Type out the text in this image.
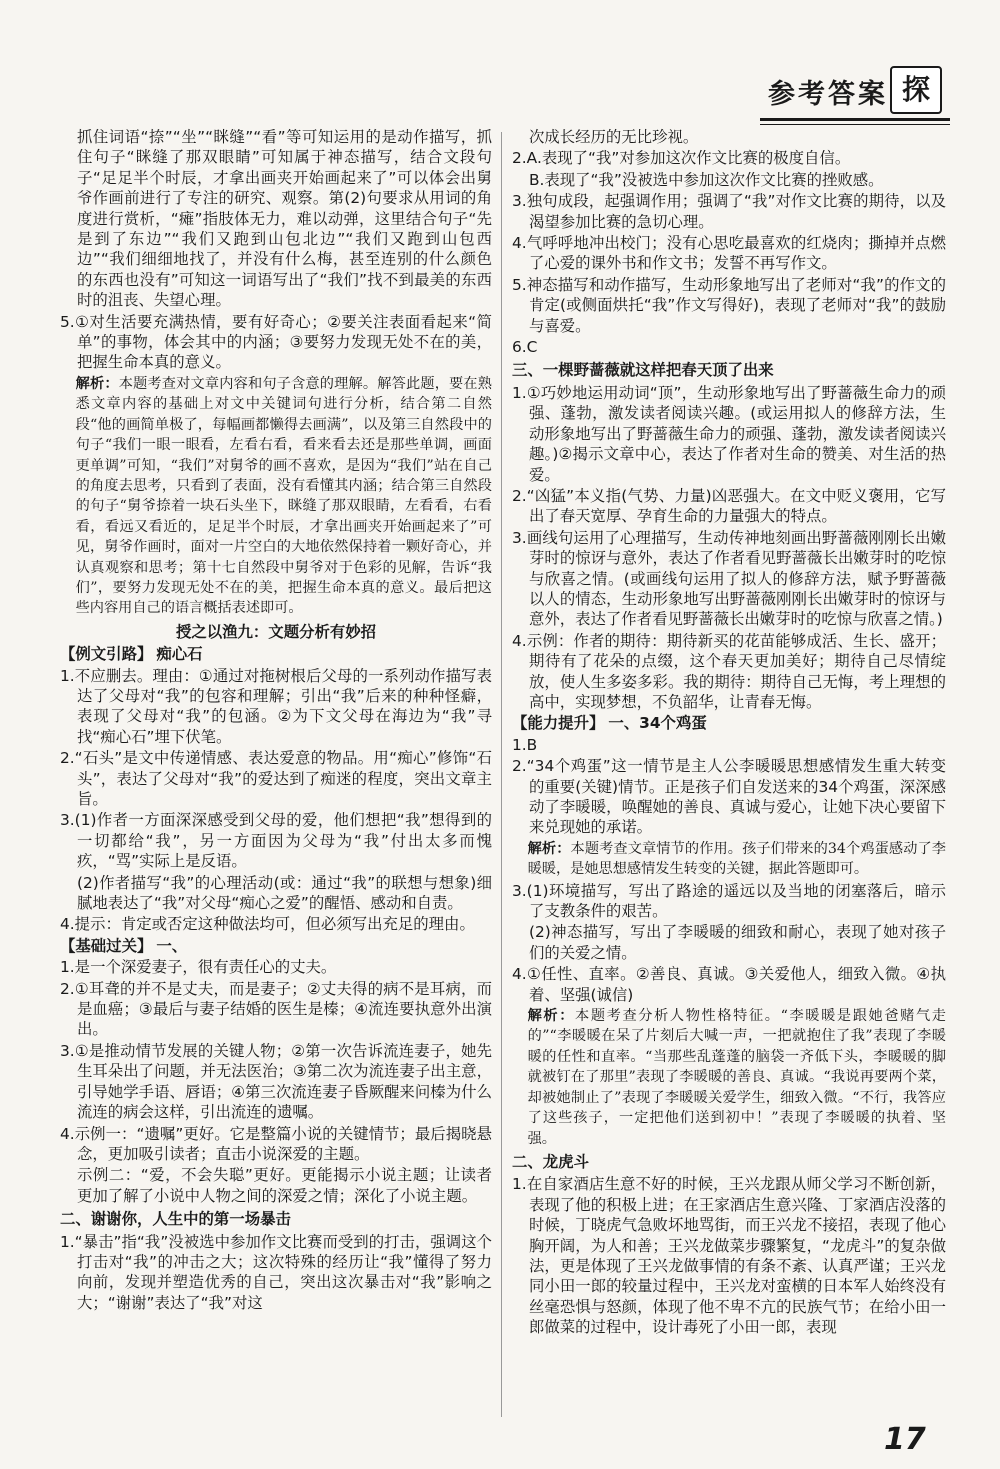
参考答案 探

抓住词语“捺”“坐”“眯缝”“看”等可知运用的是动作描写，抓住句子“眯缝了那双眼睛”可知属于神态描写，结合文段句子“足足半个时辰，才拿出画夹开始画起来了”可以体会出舅爷作画前进行了专注的研究、观察。第(2)句要求从用词的角度进行赏析，“瘫”指肢体无力，难以动弹，这里结合句子“先是到了东边”“我们又跑到山包北边”“我们又跑到山包西边”“我们细细地找了，并没有什么梅，甚至连别的什么颜色的东西也没有”可知这一词语写出了“我们”找不到最美的东西时的沮丧、失望心理。

5.①对生活要充满热情，要有好奇心；②要关注表面看起来“简单”的事物，体会其中的内涵；③要努力发现无处不在的美，把握生命本真的意义。

解析：本题考查对文章内容和句子含意的理解。解答此题，要在熟悉文章内容的基础上对文中关键词句进行分析，结合第二自然段“他的画简单极了，每幅画都懒得去画满”，以及第三自然段中的句子“我们一眼一眼看，左看右看，看来看去还是那些单调，画面更单调”可知，“我们”对舅爷的画不喜欢，是因为“我们”站在自己的角度去思考，只看到了表面，没有看懂其内涵；结合第三自然段的句子“舅爷捺着一块石头坐下，眯缝了那双眼睛，左看看，右看看，看远又看近的，足足半个时辰，才拿出画夹开始画起来了”可见，舅爷作画时，面对一片空白的大地依然保持着一颗好奇心，并认真观察和思考；第十七自然段中舅爷对于色彩的见解，告诉“我们”，要努力发现无处不在的美，把握生命本真的意义。最后把这些内容用自己的语言概括表述即可。

授之以渔九：文题分析有妙招

【例文引路】 痴心石

1.不应删去。理由：①通过对拖树根后父母的一系列动作描写表达了父母对“我”的包容和理解；引出“我”后来的种种怪癖，表现了父母对“我”的包涵。②为下文父母在海边为“我”寻找“痴心石”埋下伏笔。

2.“石头”是文中传递情感、表达爱意的物品。用“痴心”修饰“石头”，表达了父母对“我”的爱达到了痴迷的程度，突出文章主旨。

3.(1)作者一方面深深感受到父母的爱，他们想把“我”想得到的一切都给“我”，另一方面因为父母为“我”付出太多而愧疚，“骂”实际上是反语。

(2)作者描写“我”的心理活动(或：通过“我”的联想与想象)细腻地表达了“我”对父母“痴心之爱”的醒悟、感动和自责。

4.提示：肯定或否定这种做法均可，但必须写出充足的理由。

【基础过关】 一、

1.是一个深爱妻子，很有责任心的丈夫。

2.①耳聋的并不是丈夫，而是妻子；②丈夫得的病不是耳病，而是血癌；③最后与妻子结婚的医生是榛；④流连要执意外出演出。

3.①是推动情节发展的关键人物；②第一次告诉流连妻子，她先生耳朵出了问题，并无法医治；③第二次为流连妻子出主意，引导她学手语、唇语；④第三次流连妻子昏厥醒来问榛为什么流连的病会这样，引出流连的遗嘱。

4.示例一：“遗嘱”更好。它是整篇小说的关键情节；最后揭晓悬念，更加吸引读者；直击小说深爱的主题。

示例二：“爱，不会失聪”更好。更能揭示小说主题；让读者更加了解了小说中人物之间的深爱之情；深化了小说主题。

二、谢谢你，人生中的第一场暴击

1.“暴击”指“我”没被选中参加作文比赛而受到的打击，强调这个打击对“我”的冲击之大；这次特殊的经历让“我”懂得了努力向前，发现并塑造优秀的自己，突出这次暴击对“我”影响之大；“谢谢”表达了“我”对这

次成长经历的无比珍视。

2.A.表现了“我”对参加这次作文比赛的极度自信。

B.表现了“我”没被选中参加这次作文比赛的挫败感。

3.独句成段，起强调作用；强调了“我”对作文比赛的期待，以及渴望参加比赛的急切心理。

4.气呼呼地冲出校门；没有心思吃最喜欢的红烧肉；撕掉并点燃了心爱的课外书和作文书；发誓不再写作文。

5.神态描写和动作描写，生动形象地写出了老师对“我”的作文的肯定(或侧面烘托“我”作文写得好)，表现了老师对“我”的鼓励与喜爱。

6.C

三、一棵野蔷薇就这样把春天顶了出来

1.①巧妙地运用动词“顶”，生动形象地写出了野蔷薇生命力的顽强、蓬勃，激发读者阅读兴趣。(或运用拟人的修辞方法，生动形象地写出了野蔷薇生命力的顽强、蓬勃，激发读者阅读兴趣。)②揭示文章中心，表达了作者对生命的赞美、对生活的热爱。

2.“凶猛”本义指(气势、力量)凶恶强大。在文中贬义褒用，它写出了春天宽厚、孕育生命的力量强大的特点。

3.画线句运用了心理描写，生动传神地刻画出野蔷薇刚刚长出嫩芽时的惊讶与意外，表达了作者看见野蔷薇长出嫩芽时的吃惊与欣喜之情。(或画线句运用了拟人的修辞方法，赋予野蔷薇以人的情态，生动形象地写出野蔷薇刚刚长出嫩芽时的惊讶与意外，表达了作者看见野蔷薇长出嫩芽时的吃惊与欣喜之情。)

4.示例：作者的期待：期待新买的花苗能够成活、生长、盛开；期待有了花朵的点缀，这个春天更加美好；期待自己尽情绽放，使人生多姿多彩。我的期待：期待自己无悔，考上理想的高中，实现梦想，不负韶华，让青春无悔。

【能力提升】 一、34个鸡蛋

1.B

2.“34个鸡蛋”这一情节是主人公李暖暖思想感情发生重大转变的重要(关键)情节。正是孩子们自发送来的34个鸡蛋，深深感动了李暖暖，唤醒她的善良、真诚与爱心，让她下决心要留下来兑现她的承诺。

解析：本题考查文章情节的作用。孩子们带来的34个鸡蛋感动了李暖暖，是她思想感情发生转变的关键，据此答题即可。

3.(1)环境描写，写出了路途的遥远以及当地的闭塞落后，暗示了支教条件的艰苦。

(2)神态描写，写出了李暖暖的细致和耐心，表现了她对孩子们的关爱之情。

4.①任性、直率。②善良、真诚。③关爱他人，细致入微。④执着、坚强(诚信)

解析：本题考查分析人物性格特征。“李暖暖是跟她爸赌气走的”“李暖暖在呆了片刻后大喊一声，一把就抱住了我”表现了李暖暖的任性和直率。“当那些乱蓬蓬的脑袋一齐低下头，李暖暖的脚就被钉在了那里”表现了李暖暖的善良、真诚。“我说再要两个菜，却被她制止了”表现了李暖暖关爱学生，细致入微。“不行，我答应了这些孩子，一定把他们送到初中！”表现了李暖暖的执着、坚强。

二、龙虎斗

1.在自家酒店生意不好的时候，王兴龙跟从师父学习不断创新，表现了他的积极上进；在王家酒店生意兴隆、丁家酒店没落的时候，丁晓虎气急败坏地骂街，而王兴龙不接招，表现了他心胸开阔，为人和善；王兴龙做菜步骤繁复，“龙虎斗”的复杂做法，更是体现了王兴龙做事情的有条不紊、认真严谨；王兴龙同小田一郎的较量过程中，王兴龙对蛮横的日本军人始终没有丝毫恐惧与怒颜，体现了他不卑不亢的民族气节；在给小田一郎做菜的过程中，设计毒死了小田一郎，表现

17
